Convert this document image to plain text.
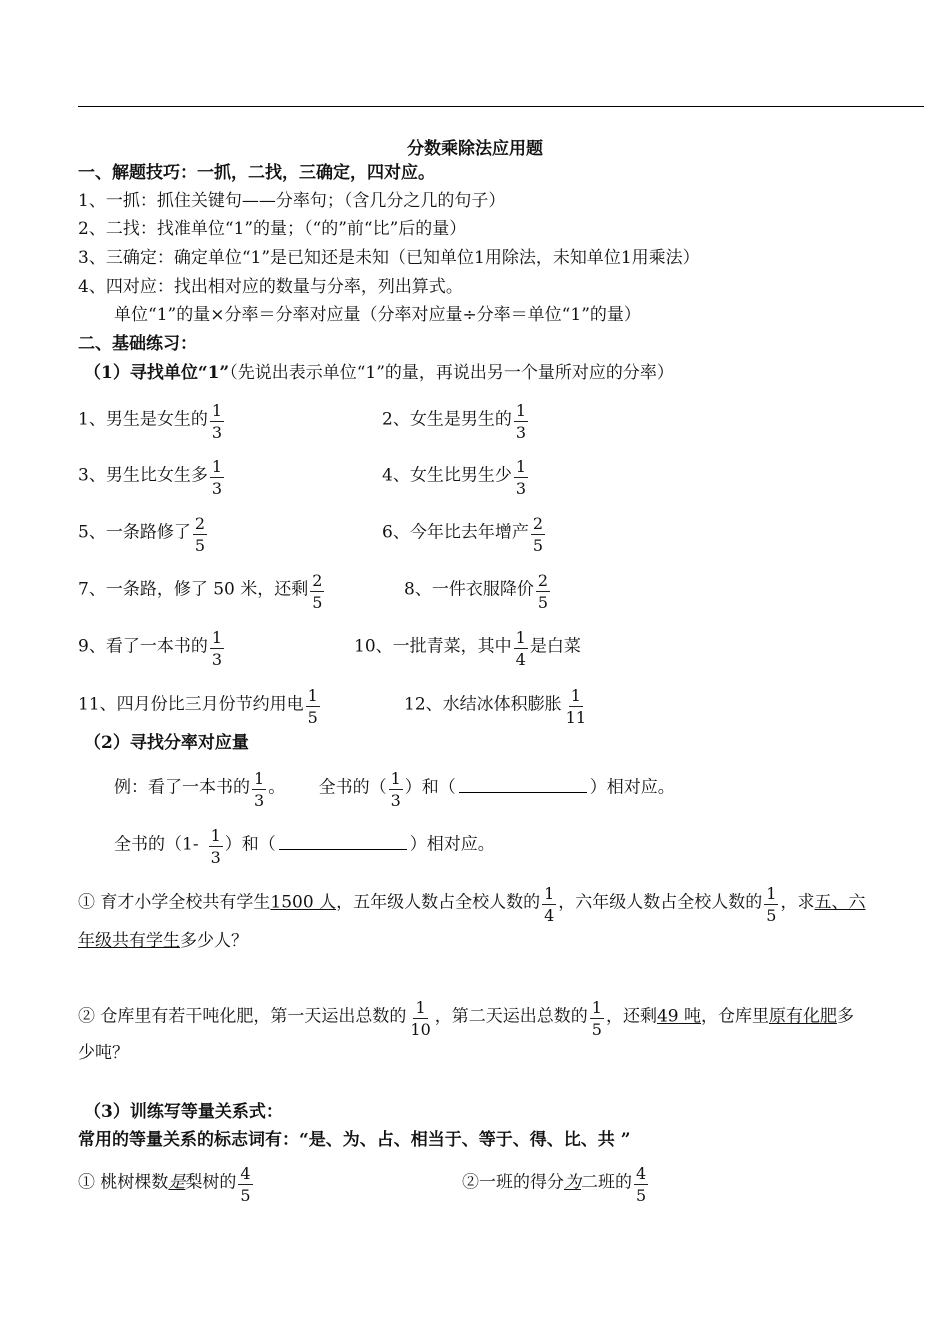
分数乘除法应用题
一、解题技巧：一抓，二找，三确定，四对应。
1、一抓：抓住关键句——分率句；（含几分之几的句子）
2、二找：找准单位“1”的量；（“的”前“比”后的量）
3、三确定：确定单位“1”是已知还是未知（已知单位1用除法，未知单位1用乘法）
4、四对应：找出相对应的数量与分率，列出算式。
单位“1”的量×分率＝分率对应量（分率对应量÷分率＝单位“1”的量）
二、基础练习：
（1）寻找单位“1”（先说出表示单位“1”的量，再说出另一个量所对应的分率）
1、男生是女生的 $\frac{1}{3}$	2、女生是男生的 $\frac{1}{3}$
3、男生比女生多 $\frac{1}{3}$	4、女生比男生少 $\frac{1}{3}$
5、一条路修了 $\frac{2}{5}$	6、今年比去年增产 $\frac{2}{5}$
7、一条路，修了 50 米，还剩 $\frac{2}{5}$	8、一件衣服降价 $\frac{2}{5}$
9、看了一本书的 $\frac{1}{3}$	10、一批青菜，其中 $\frac{1}{4}$ 是白菜
11、四月份比三月份节约用电 $\frac{1}{5}$	12、水结冰体积膨胀 $\frac{1}{11}$
（2）寻找分率对应量
例：看了一本书的 $\frac{1}{3}$ 。 全书的（ $\frac{1}{3}$ ）和（	）相对应。
全书的（$1- \frac{1}{3}$ ）和（	）相对应。
① 育才小学全校共有学生1500 人，五年级人数占全校人数的 $\frac{1}{4}$ ，六年级人数占全校人数的 $\frac{1}{5}$ ，求五、六
年级共有学生多少人？
② 仓库里有若干吨化肥，第一天运出总数的 $\frac{1}{10}$ ，第二天运出总数的 $\frac{1}{5}$ ，还剩49 吨，仓库里原有化肥多
少吨？
（3）训练写等量关系式：
常用的等量关系的标志词有：“是、为、占、相当于、等于、得、比、共 ”
① 桃树棵数是梨树的 $\frac{4}{5}$	②一班的得分为二班的 $\frac{4}{5}$
